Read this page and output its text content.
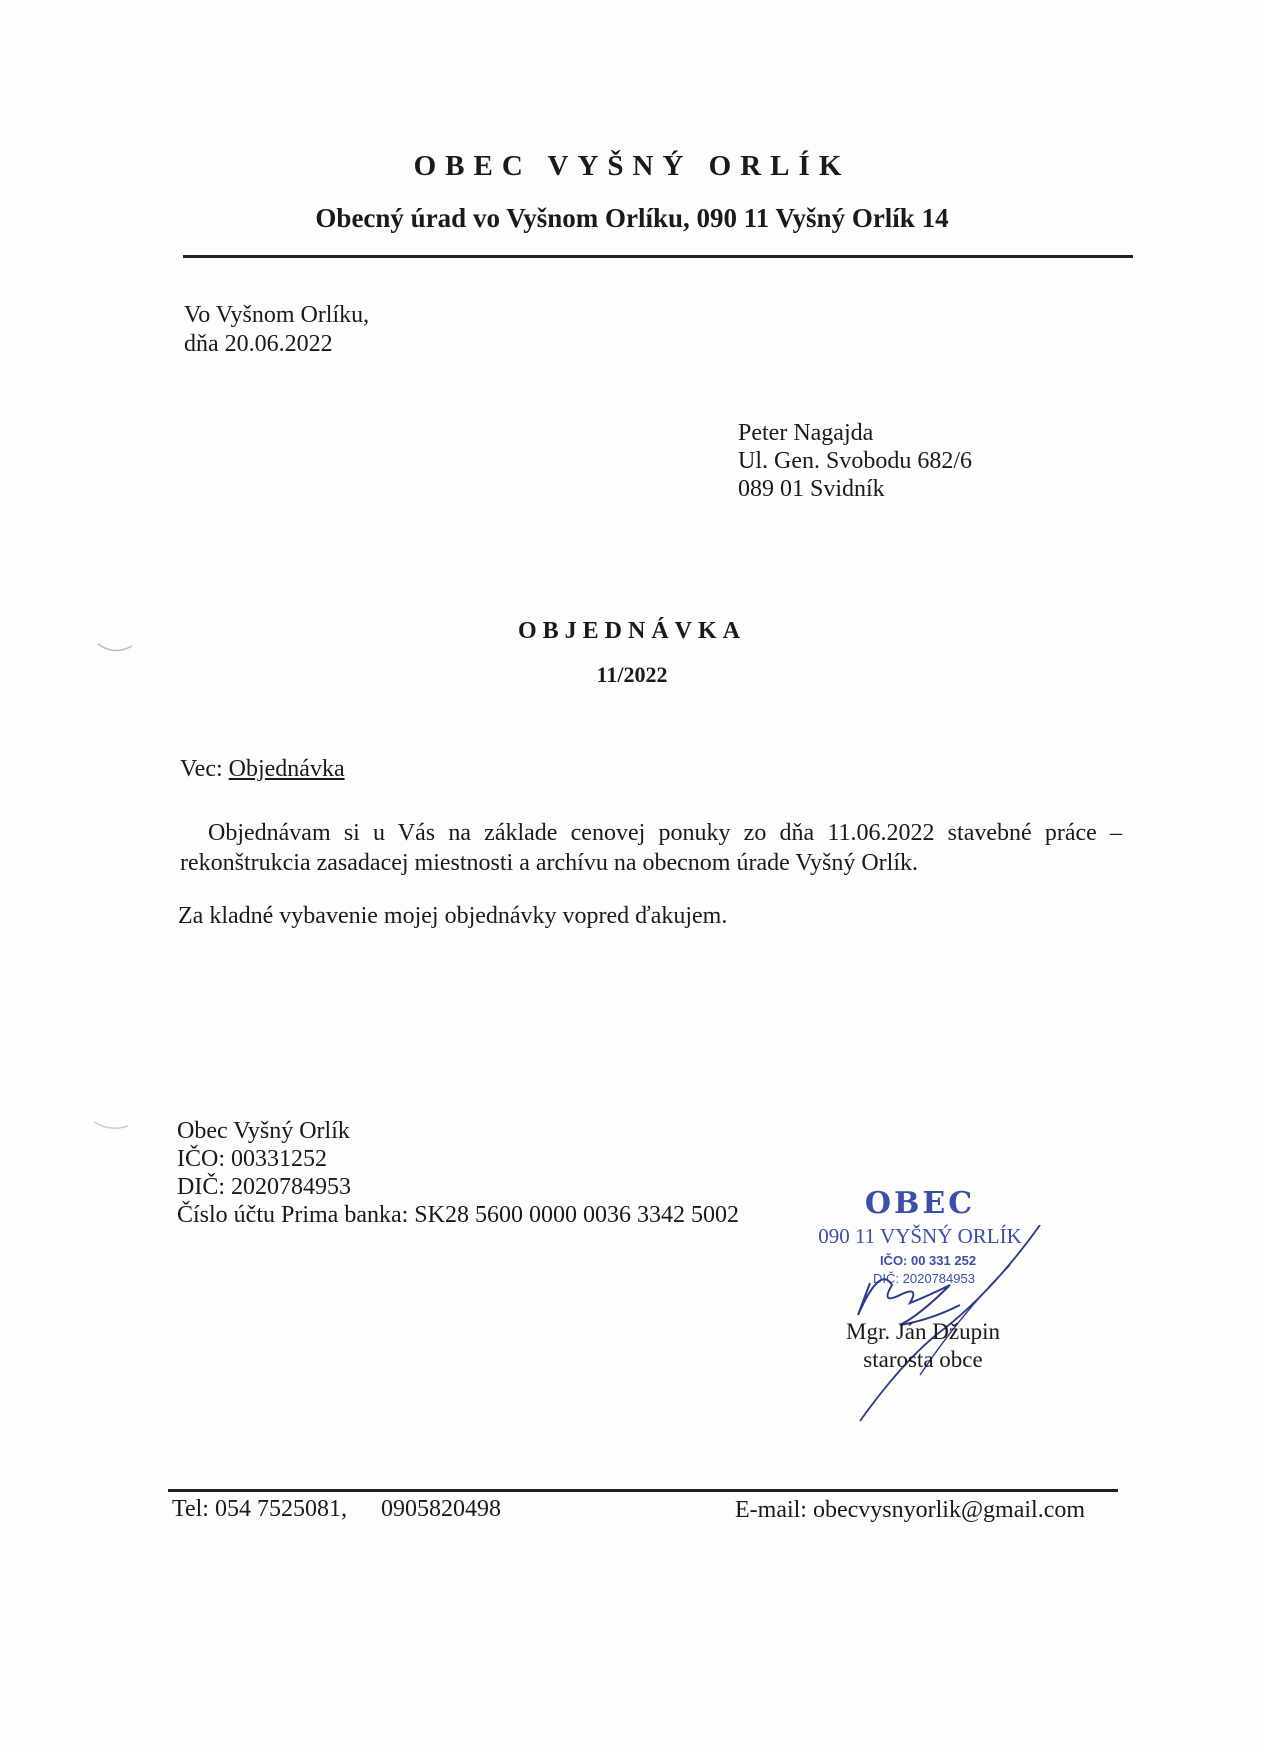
OBEC VYŠNÝ ORLÍK
Obecný úrad vo Vyšnom Orlíku, 090 11 Vyšný Orlík 14
Vo Vyšnom Orlíku,
dňa 20.06.2022
Peter Nagajda
Ul. Gen. Svobodu 682/6
089 01 Svidník
OBJEDNÁVKA
11/2022
Vec: Objednávka
Objednávam si u Vás na základe cenovej ponuky zo dňa 11.06.2022 stavebné práce – rekonštrukcia zasadacej miestnosti a archívu na obecnom úrade Vyšný Orlík.
Za kladné vybavenie mojej objednávky vopred ďakujem.
Obec Vyšný Orlík
IČO: 00331252
DIČ: 2020784953
Číslo účtu Prima banka: SK28 5600 0000 0036 3342 5002	OBEC
090 11 VYŠNÝ ORLÍK
IČO: 00 331 252
DIČ: 2020784953
Mgr. Ján Džupin
starosta obce
Tel: 054 7525081, 0905820498	E-mail: obecvysnyorlik@gmail.com
